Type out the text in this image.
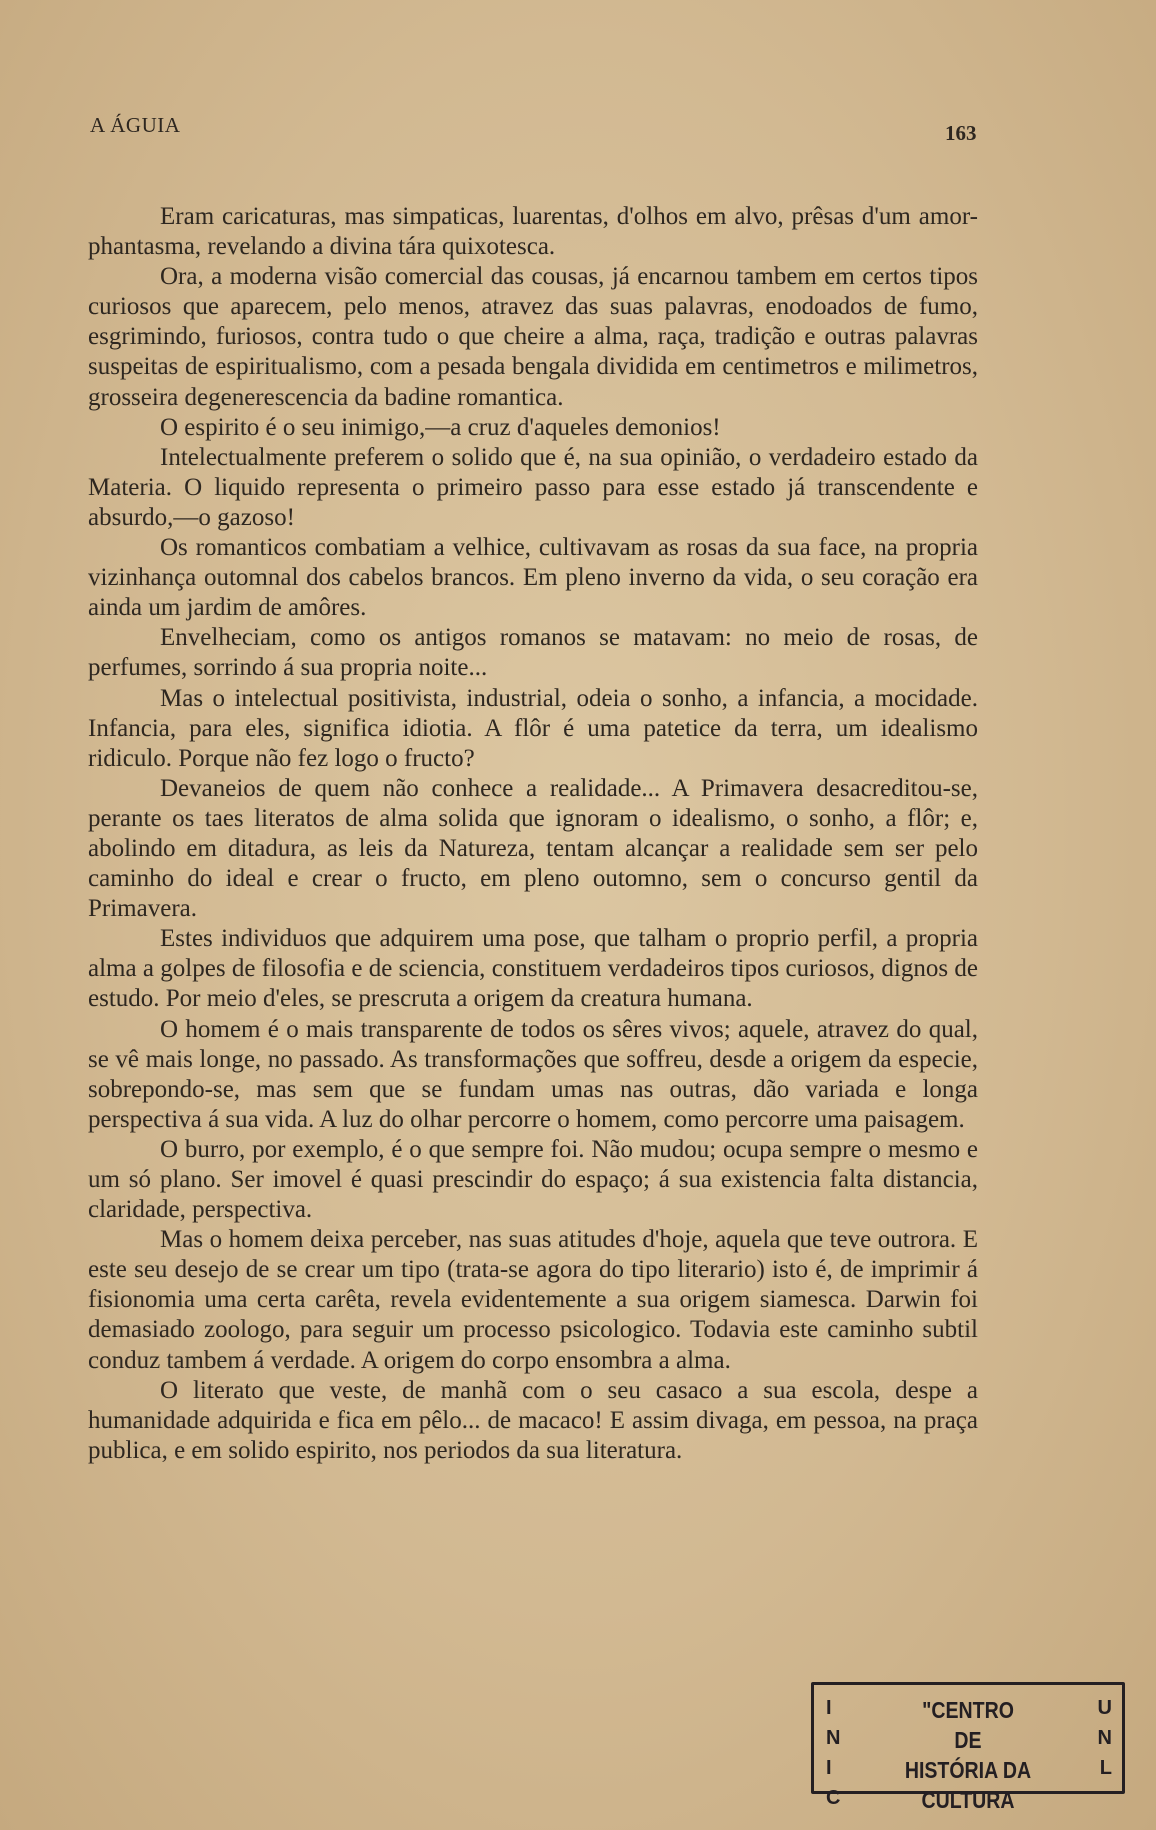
A ÁGUIA	163

Eram caricaturas, mas simpaticas, luarentas, d'olhos em alvo, prêsas d'um amor-phantasma, revelando a divina tára quixotesca.

Ora, a moderna visão comercial das cousas, já encarnou tambem em certos tipos curiosos que aparecem, pelo menos, atravez das suas palavras, enodoados de fumo, esgrimindo, furiosos, contra tudo o que cheire a alma, raça, tradição e outras palavras suspeitas de espiritualismo, com a pesada bengala dividida em centimetros e milimetros, grosseira degenerescencia da badine romantica.

O espirito é o seu inimigo,—a cruz d'aqueles demonios!

Intelectualmente preferem o solido que é, na sua opinião, o verdadeiro estado da Materia. O liquido representa o primeiro passo para esse estado já transcendente e absurdo,—o gazoso!

Os romanticos combatiam a velhice, cultivavam as rosas da sua face, na propria vizinhança outomnal dos cabelos brancos. Em pleno inverno da vida, o seu coração era ainda um jardim de amôres.

Envelheciam, como os antigos romanos se matavam: no meio de rosas, de perfumes, sorrindo á sua propria noite...

Mas o intelectual positivista, industrial, odeia o sonho, a infancia, a mocidade. Infancia, para eles, significa idiotia. A flôr é uma patetice da terra, um idealismo ridiculo. Porque não fez logo o fructo?

Devaneios de quem não conhece a realidade... A Primavera desacreditou-se, perante os taes literatos de alma solida que ignoram o idealismo, o sonho, a flôr; e, abolindo em ditadura, as leis da Natureza, tentam alcançar a realidade sem ser pelo caminho do ideal e crear o fructo, em pleno outomno, sem o concurso gentil da Primavera.

Estes individuos que adquirem uma pose, que talham o proprio perfil, a propria alma a golpes de filosofia e de sciencia, constituem verdadeiros tipos curiosos, dignos de estudo. Por meio d'eles, se prescruta a origem da creatura humana.

O homem é o mais transparente de todos os sêres vivos; aquele, atravez do qual, se vê mais longe, no passado. As transformações que soffreu, desde a origem da especie, sobrepondo-se, mas sem que se fundam umas nas outras, dão variada e longa perspectiva á sua vida. A luz do olhar percorre o homem, como percorre uma paisagem.

O burro, por exemplo, é o que sempre foi. Não mudou; ocupa sempre o mesmo e um só plano. Ser imovel é quasi prescindir do espaço; á sua existencia falta distancia, claridade, perspectiva.

Mas o homem deixa perceber, nas suas atitudes d'hoje, aquela que teve outrora. E este seu desejo de se crear um tipo (trata-se agora do tipo literario) isto é, de imprimir á fisionomia uma certa carêta, revela evidentemente a sua origem siamesca. Darwin foi demasiado zoologo, para seguir um processo psicologico. Todavia este caminho subtil conduz tambem á verdade. A origem do corpo ensombra a alma.

O literato que veste, de manhã com o seu casaco a sua escola, despe a humanidade adquirida e fica em pêlo... de macaco! E assim divaga, em pessoa, na praça publica, e em solido espirito, nos periodos da sua literatura.

I
N
I
C
"CENTRO
DE
HISTÓRIA DA CULTURA
U
N
L
